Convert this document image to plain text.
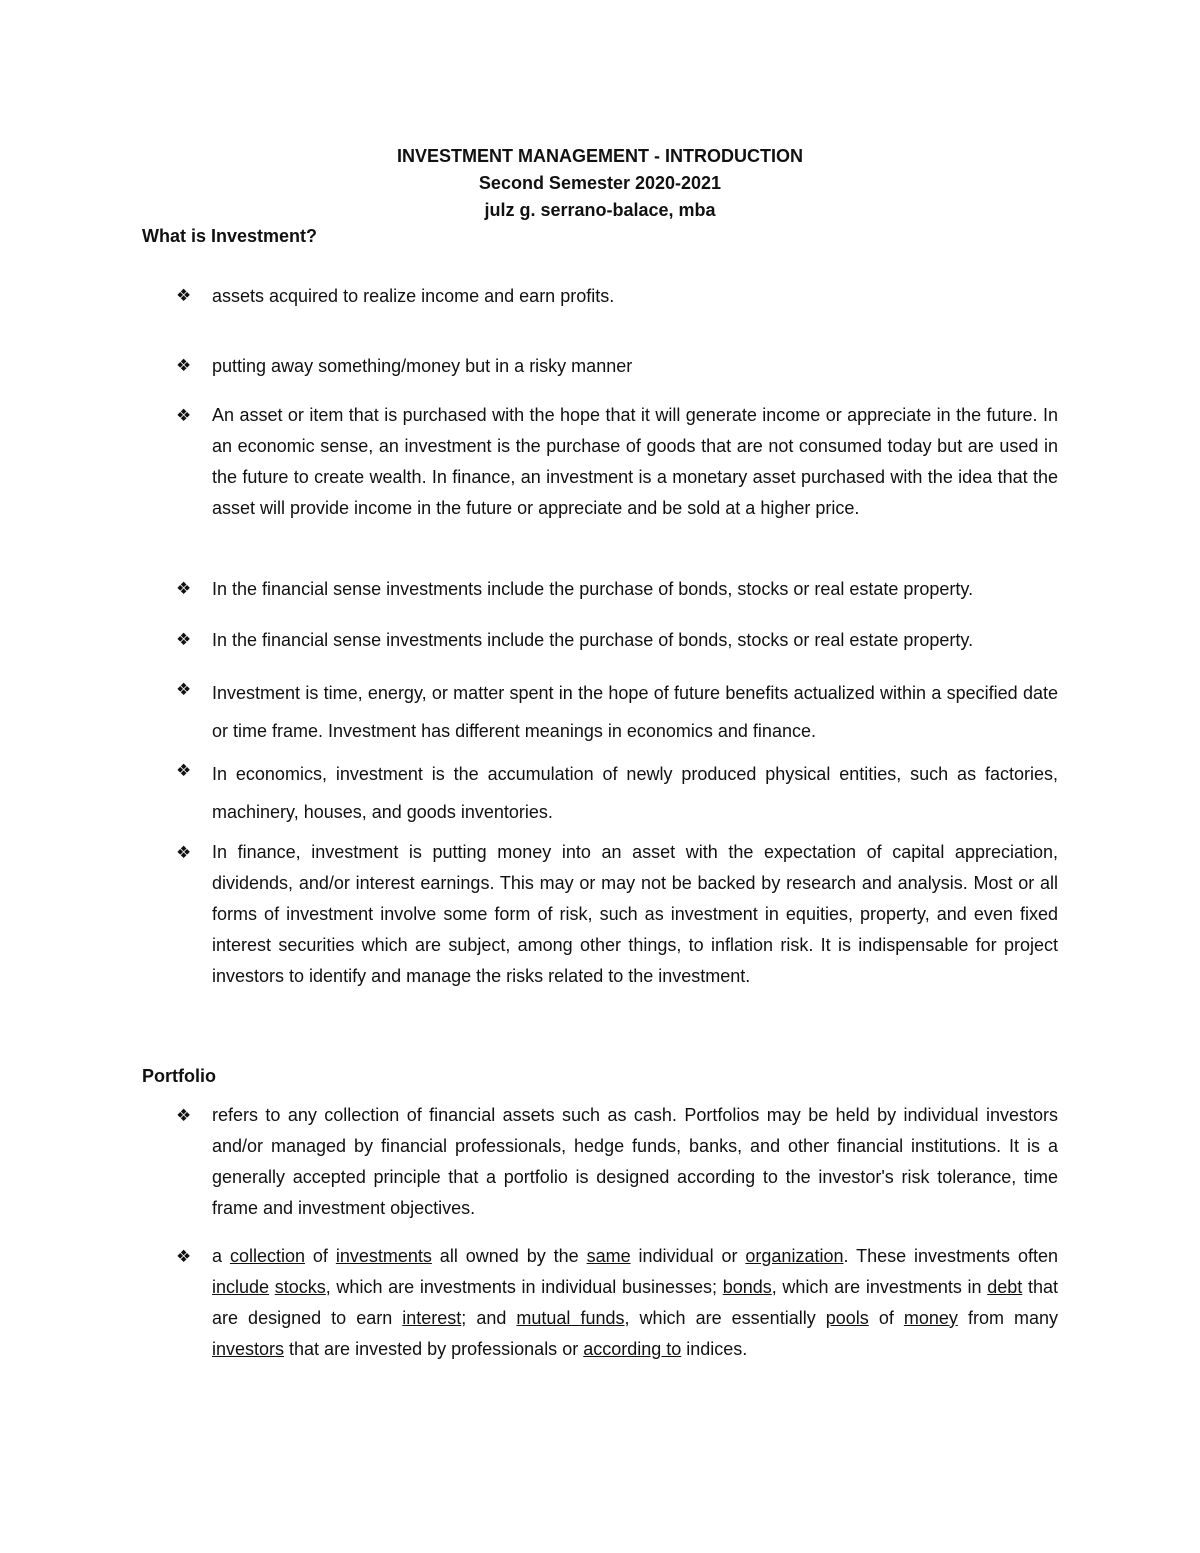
INVESTMENT MANAGEMENT - INTRODUCTION
Second Semester 2020-2021
julz g. serrano-balace, mba
What is Investment?
❖ assets acquired to realize income and earn profits.

❖ putting away something/money but in a risky manner

❖ An asset or item that is purchased with the hope that it will generate income or appreciate in the future. In an economic sense, an investment is the purchase of goods that are not consumed today but are used in the future to create wealth. In finance, an investment is a monetary asset purchased with the idea that the asset will provide income in the future or appreciate and be sold at a higher price.

❖ In the financial sense investments include the purchase of bonds, stocks or real estate property.

❖ In the financial sense investments include the purchase of bonds, stocks or real estate property.

❖ Investment is time, energy, or matter spent in the hope of future benefits actualized within a specified date or time frame. Investment has different meanings in economics and finance.

❖ In economics, investment is the accumulation of newly produced physical entities, such as factories, machinery, houses, and goods inventories.

❖ In finance, investment is putting money into an asset with the expectation of capital appreciation, dividends, and/or interest earnings. This may or may not be backed by research and analysis. Most or all forms of investment involve some form of risk, such as investment in equities, property, and even fixed interest securities which are subject, among other things, to inflation risk. It is indispensable for project investors to identify and manage the risks related to the investment.

Portfolio
❖ refers to any collection of financial assets such as cash. Portfolios may be held by individual investors and/or managed by financial professionals, hedge funds, banks, and other financial institutions. It is a generally accepted principle that a portfolio is designed according to the investor's risk tolerance, time frame and investment objectives.

❖ a collection of investments all owned by the same individual or organization. These investments often include stocks, which are investments in individual businesses; bonds, which are investments in debt that are designed to earn interest; and mutual funds, which are essentially pools of money from many investors that are invested by professionals or according to indices.
